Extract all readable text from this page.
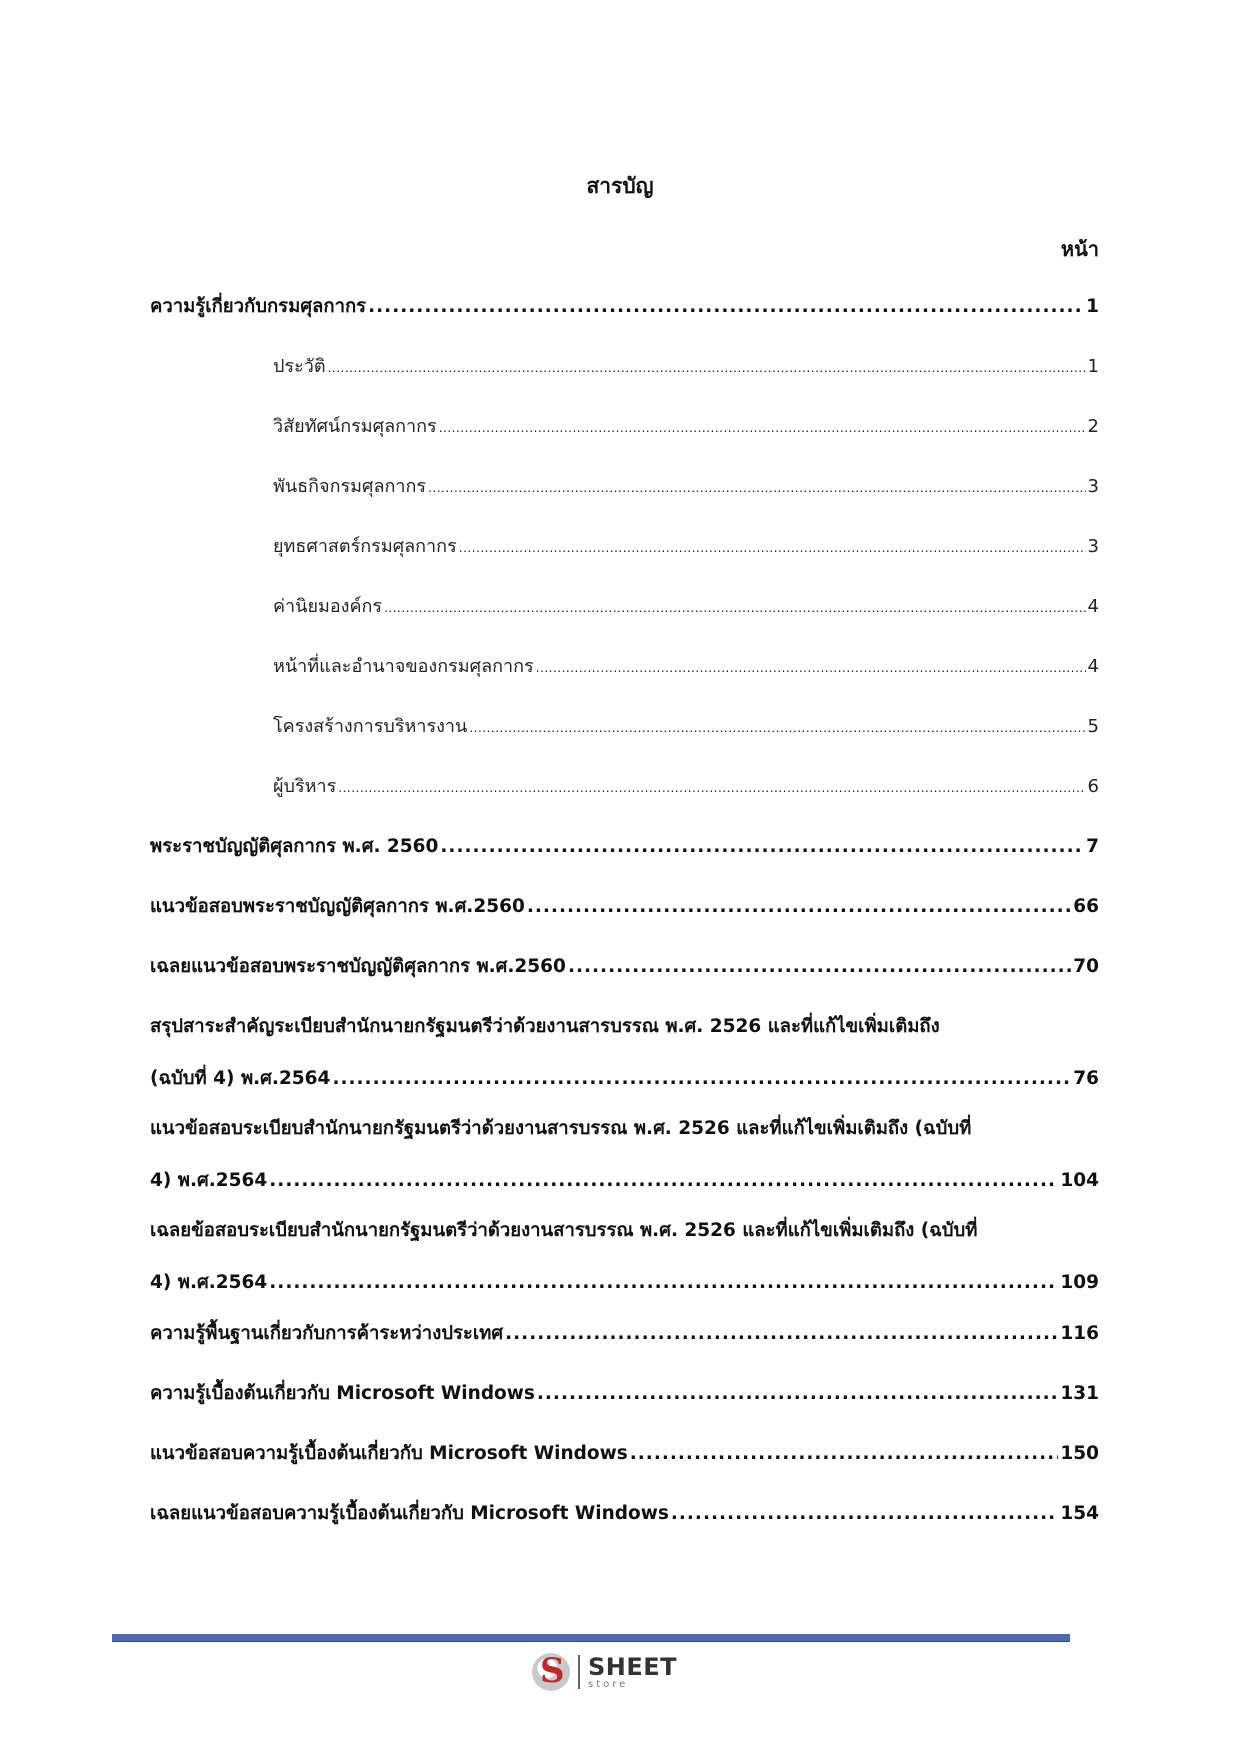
สารบัญ
หน้า
ความรู้เกี่ยวกับกรมศุลกากร .....	1
ประวัติ .....	1
วิสัยทัศน์กรมศุลกากร .....	2
พันธกิจกรมศุลกากร .....	3
ยุทธศาสตร์กรมศุลกากร .....	3
ค่านิยมองค์กร .....	4
หน้าที่และอำนาจของกรมศุลกากร .....	4
โครงสร้างการบริหารงาน .....	5
ผู้บริหาร .....	6
พระราชบัญญัติศุลกากร พ.ศ. 2560 .....	7
แนวข้อสอบพระราชบัญญัติศุลกากร พ.ศ.2560 .....	66
เฉลยแนวข้อสอบพระราชบัญญัติศุลกากร พ.ศ.2560 .....	70
สรุปสาระสำคัญระเบียบสำนักนายกรัฐมนตรีว่าด้วยงานสารบรรณ พ.ศ. 2526 และที่แก้ไขเพิ่มเติมถึง
(ฉบับที่ 4) พ.ศ.2564 .....	76
แนวข้อสอบระเบียบสำนักนายกรัฐมนตรีว่าด้วยงานสารบรรณ พ.ศ. 2526 และที่แก้ไขเพิ่มเติมถึง (ฉบับที่
4) พ.ศ.2564 .....	104
เฉลยข้อสอบระเบียบสำนักนายกรัฐมนตรีว่าด้วยงานสารบรรณ พ.ศ. 2526 และที่แก้ไขเพิ่มเติมถึง (ฉบับที่
4) พ.ศ.2564 .....	109
ความรู้พื้นฐานเกี่ยวกับการค้าระหว่างประเทศ .....	116
ความรู้เบื้องต้นเกี่ยวกับ Microsoft Windows .....	131
แนวข้อสอบความรู้เบื้องต้นเกี่ยวกับ Microsoft Windows .....	150
เฉลยแนวข้อสอบความรู้เบื้องต้นเกี่ยวกับ Microsoft Windows .....	154
S
SHEET
store
